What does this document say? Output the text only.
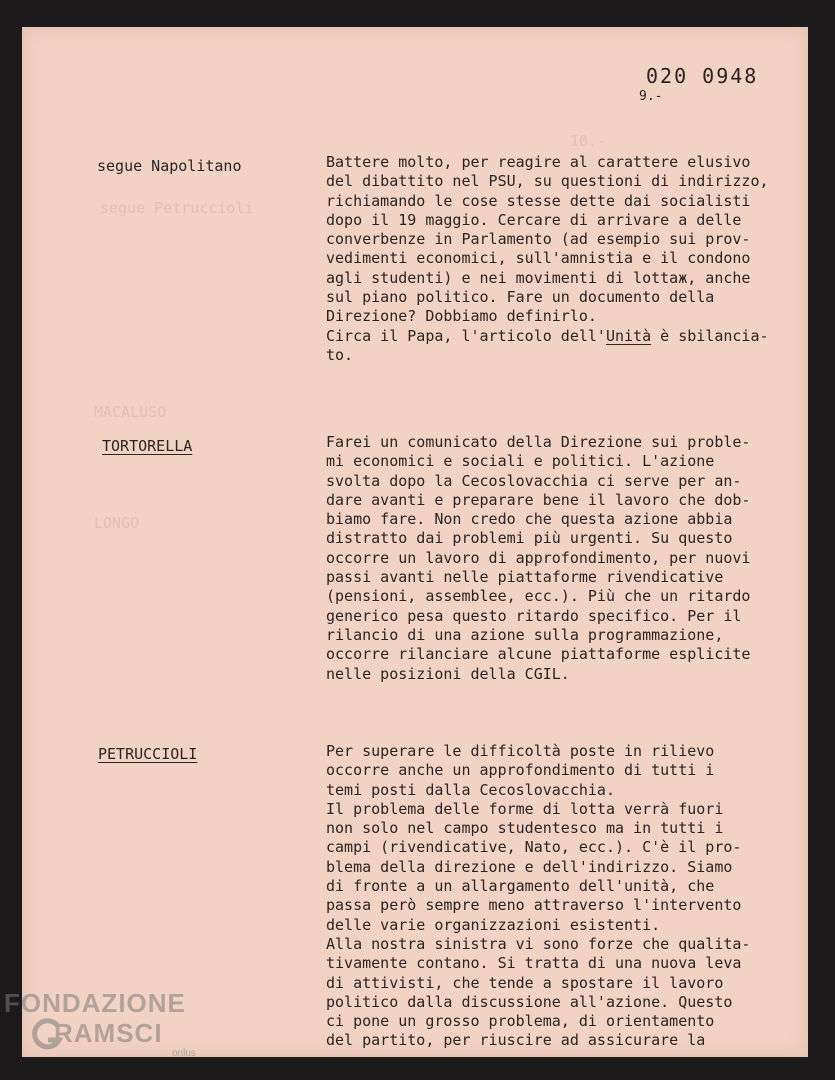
10.-
segue Petruccioli
MACALUSO
LONGO
020 0948
9.-
segue Napolitano	Battere molto, per reagire al carattere elusivo
del dibattito nel PSU, su questioni di indirizzo,
richiamando le cose stesse dette dai socialisti
dopo il 19 maggio. Cercare di arrivare a delle
converbenze in Parlamento (ad esempio sui prov-
vedimenti economici, sull'amnistia e il condono
agli studenti) e nei movimenti di lottaж, anche
sul piano politico. Fare un documento della
Direzione? Dobbiamo definirlo.
Circa il Papa, l'articolo dell'Unità è sbilancia-
to.
TORTORELLA	Farei un comunicato della Direzione sui proble-
mi economici e sociali e politici. L'azione
svolta dopo la Cecoslovacchia ci serve per an-
dare avanti e preparare bene il lavoro che dob-
biamo fare. Non credo che questa azione abbia
distratto dai problemi più urgenti. Su questo
occorre un lavoro di approfondimento, per nuovi
passi avanti nelle piattaforme rivendicative
(pensioni, assemblee, ecc.). Più che un ritardo
generico pesa questo ritardo specifico. Per il
rilancio di una azione sulla programmazione,
occorre rilanciare alcune piattaforme esplicite
nelle posizioni della CGIL.
PETRUCCIOLI	Per superare le difficoltà poste in rilievo
occorre anche un approfondimento di tutti i
temi posti dalla Cecoslovacchia.
Il problema delle forme di lotta verrà fuori
non solo nel campo studentesco ma in tutti i
campi (rivendicative, Nato, ecc.). C'è il pro-
blema della direzione e dell'indirizzo. Siamo
di fronte a un allargamento dell'unità, che
passa però sempre meno attraverso l'intervento
delle varie organizzazioni esistenti.
Alla nostra sinistra vi sono forze che qualita-
tivamente contano. Si tratta di una nuova leva
di attivisti, che tende a spostare il lavoro
politico dalla discussione all'azione. Questo
ci pone un grosso problema, di orientamento
del partito, per riuscire ad assicurare la
FONDAZIONE
RAMSCI
onlus
